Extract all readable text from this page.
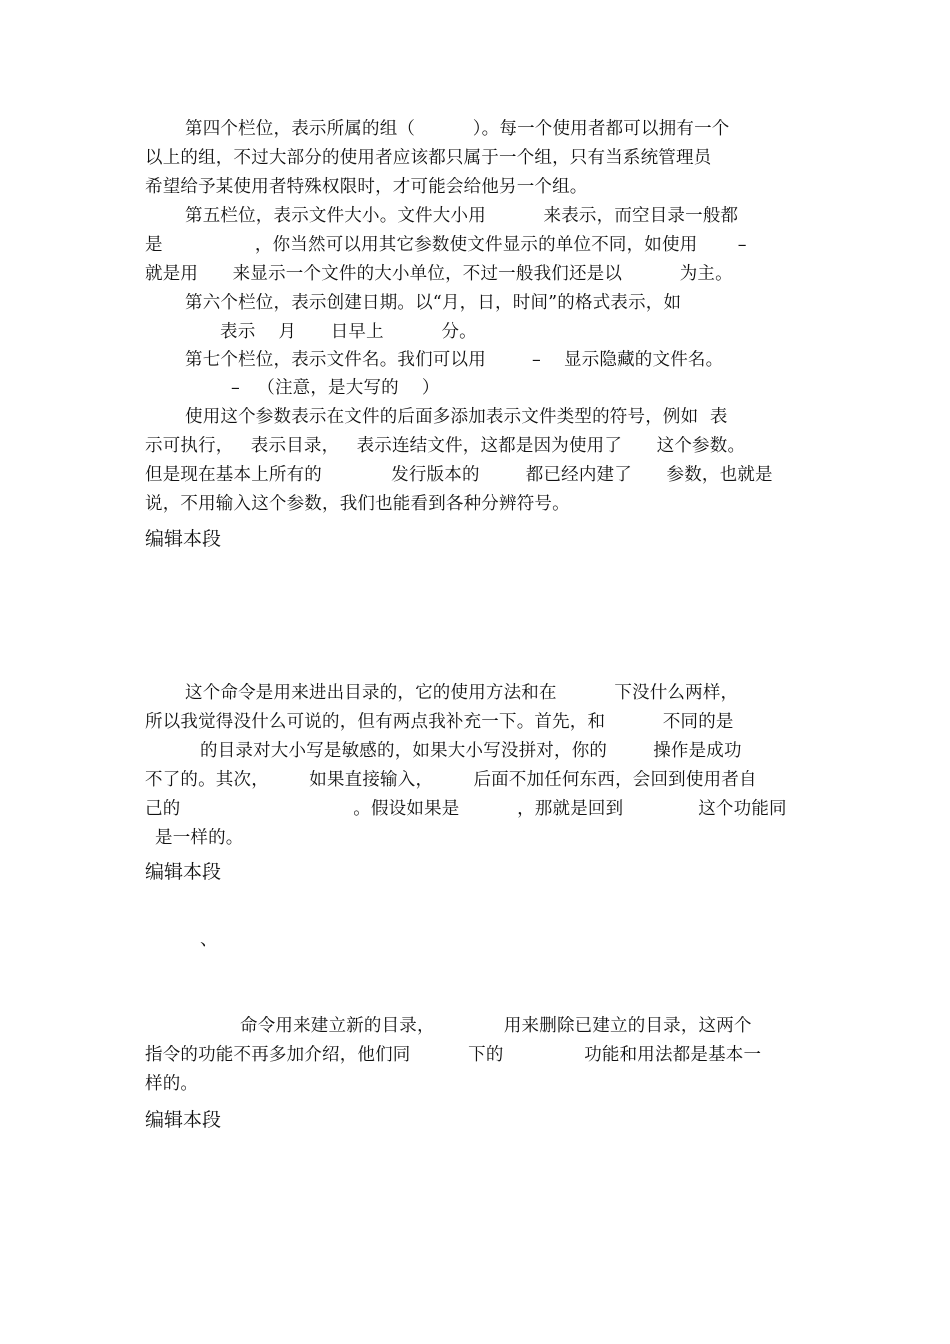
第四个栏位，表示所属的组（          ）。每一个使用者都可以拥有一个
以上的组，不过大部分的使用者应该都只属于一个组，只有当系统管理员
希望给予某使用者特殊权限时，才可能会给他另一个组。
第五栏位，表示文件大小。文件大小用          来表示，而空目录一般都
是                ，你当然可以用其它参数使文件显示的单位不同，如使用       –
就是用      来显示一个文件的大小单位，不过一般我们还是以          为主。
第六个栏位，表示创建日期。以“月，日，时间”的格式表示，如
表示    月      日早上          分。
第七个栏位，表示文件名。我们可以用        –    显示隐藏的文件名。
–   （注意，是大写的    ）
使用这个参数表示在文件的后面多添加表示文件类型的符号，例如  表
示可执行，   表示目录，   表示连结文件，这都是因为使用了      这个参数。
但是现在基本上所有的            发行版本的        都已经内建了      参数，也就是
说，不用输入这个参数，我们也能看到各种分辨符号。
编辑本段
这个命令是用来进出目录的，它的使用方法和在          下没什么两样，
所以我觉得没什么可说的，但有两点我补充一下。首先，和          不同的是
的目录对大小写是敏感的，如果大小写没拼对，你的        操作是成功
不了的。其次，       如果直接输入，       后面不加任何东西，会回到使用者自
己的                              。假设如果是          ，那就是回到             这个功能同
是一样的。
编辑本段
、
命令用来建立新的目录，            用来删除已建立的目录，这两个
指令的功能不再多加介绍，他们同          下的              功能和用法都是基本一
样的。
编辑本段
